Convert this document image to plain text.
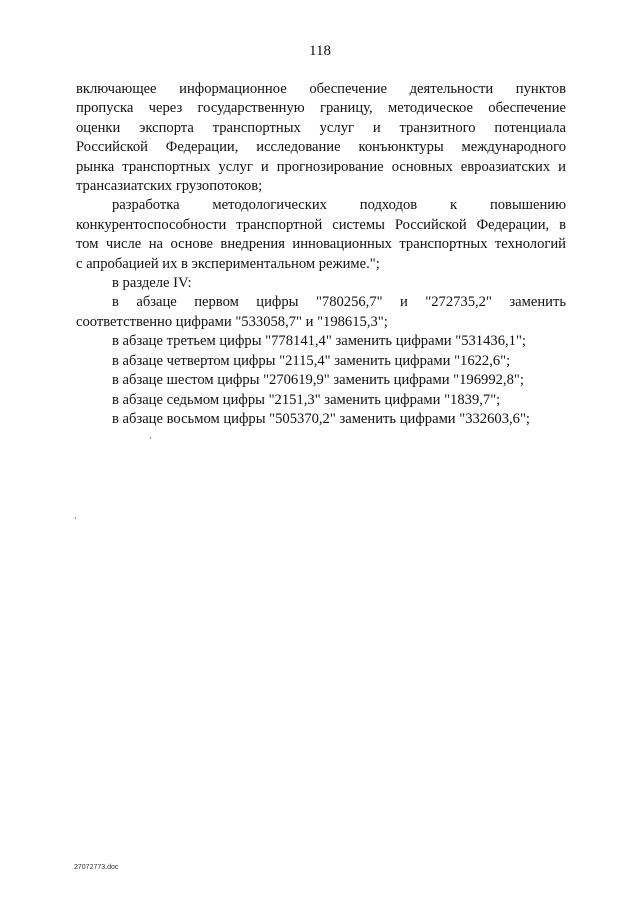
118

включающее информационное обеспечение деятельности пунктов
пропуска через государственную границу, методическое обеспечение
оценки экспорта транспортных услуг и транзитного потенциала
Российской Федерации, исследование конъюнктуры международного
рынка транспортных услуг и прогнозирование основных евроазиатских и
трансазиатских грузопотоков;

разработка методологических подходов к повышению
конкурентоспособности транспортной системы Российской Федерации, в
том числе на основе внедрения инновационных транспортных технологий
с апробацией их в экспериментальном режиме.";

в разделе IV:

в абзаце первом цифры "780256,7" и "272735,2" заменить
соответственно цифрами "533058,7" и "198615,3";

в абзаце третьем цифры "778141,4" заменить цифрами "531436,1";

в абзаце четвертом цифры "2115,4" заменить цифрами "1622,6";

в абзаце шестом цифры "270619,9" заменить цифрами "196992,8";

в абзаце седьмом цифры "2151,3" заменить цифрами "1839,7";

в абзаце восьмом цифры "505370,2" заменить цифрами "332603,6";

27072773.doc
